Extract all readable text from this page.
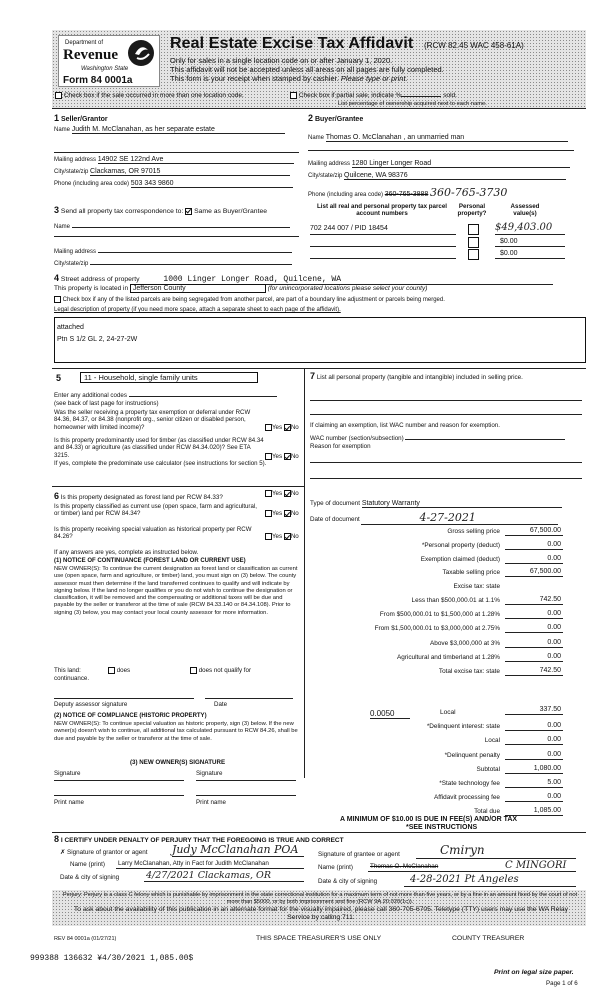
Department of
Revenue
Washington State
Form 84 0001a
Real Estate Excise Tax Affidavit (RCW 82.45 WAC 458-61A)
Only for sales in a single location code on or after January 1, 2020.
This affidavit will not be accepted unless all areas on all pages are fully completed.
This form is your receipt when stamped by cashier. Please type or print.
Check box if the sale occurred in more than one location code.	Check box if partial sale, indicate %	sold.
List percentage of ownership acquired next to each name.
1 Seller/Grantor
Name Judith M. McClanahan, as her separate estate
Mailing address 14902 SE 122nd Ave
City/state/zip Clackamas, OR 97015
Phone (including area code) 503 343 9860
2 Buyer/Grantee
Name Thomas O. McClanahan , an unmarried man
Mailing address 1280 Linger Longer Road
City/state/zip Quilcene, WA 98376
Phone (including area code) 360-765-3888 360-765-3730
3 Send all property tax correspondence to: Same as Buyer/Grantee
Name
Mailing address
City/state/zip
List all real and personal property tax parcel account numbers
Personal property?
Assessed value(s)
702 244 007 / PID 18454	$49,403.00
$0.00
$0.00
4 Street address of property	1000 Linger Longer Road, Quilcene, WA
This property is located in Jefferson County	(for unincorporated locations please select your county)
Check box if any of the listed parcels are being segregated from another parcel, are part of a boundary line adjustment or parcels being merged.
Legal description of property (if you need more space, attach a separate sheet to each page of the affidavit).
attached
Ptn S 1/2 GL 2, 24-27-2W
5	11 - Household, single family units
Enter any additional codes
(see back of last page for instructions)
Was the seller receiving a property tax exemption or deferral under RCW 84.36, 84.37, or 84.38 (nonprofit org., senior citizen or disabled person, homeowner with limited income)?	Yes No
Is this property predominantly used for timber (as classified under RCW 84.34 and 84.33) or agriculture (as classified under RCW 84.34.020)? See ETA 3215.	Yes No
If yes, complete the predominate use calculator (see instructions for section 5).
6 Is this property designated as forest land per RCW 84.33?
Yes No
Is this property classified as current use (open space, farm and agricultural, or timber) land per RCW 84.34?	Yes No
Is this property receiving special valuation as historical property per RCW 84.26?	Yes No
If any answers are yes, complete as instructed below.
(1) NOTICE OF CONTINUANCE (FOREST LAND OR CURRENT USE)
NEW OWNER(S): To continue the current designation as forest land or classification as current use (open space, farm and agriculture, or timber) land, you must sign on (3) below. The county assessor must then determine if the land transferred continues to qualify and will indicate by signing below. If the land no longer qualifies or you do not wish to continue the designation or classification, it will be removed and the compensating or additional taxes will be due and payable by the seller or transferor at the time of sale (RCW 84.33.140 or 84.34.108). Prior to signing (3) below, you may contact your local county assessor for more information.
This land:	does	does not qualify for
continuance.
Deputy assessor signature	Date
(2) NOTICE OF COMPLIANCE (HISTORIC PROPERTY)
NEW OWNER(S): To continue special valuation as historic property, sign (3) below. If the new owner(s) doesn't wish to continue, all additional tax calculated pursuant to RCW 84.26, shall be due and payable by the seller or transferor at the time of sale.
(3) NEW OWNER(S) SIGNATURE
Signature	Signature
Print name	Print name
7 List all personal property (tangible and intangible) included in selling price.
If claiming an exemption, list WAC number and reason for exemption.
WAC number (section/subsection)
Reason for exemption
Type of document Statutory Warranty
Date of document	4-27-2021
Gross selling price	67,500.00
*Personal property (deduct)	0.00
Exemption claimed (deduct)	0.00
Taxable selling price	67,500.00
Excise tax: state
Less than $500,000.01 at 1.1%	742.50
From $500,000.01 to $1,500,000 at 1.28%	0.00
From $1,500,000.01 to $3,000,000 at 2.75%	0.00
Above $3,000,000 at 3%	0.00
Agricultural and timberland at 1.28%	0.00
Total excise tax: state	742.50
*Delinquent interest: state	0.00
Local	0.00
*Delinquent penalty	0.00
Subtotal	1,080.00
*State technology fee	5.00
Affidavit processing fee	0.00
Total due	1,085.00
0.0050	Local	337.50
A MINIMUM OF $10.00 IS DUE IN FEE(S) AND/OR TAX
*SEE INSTRUCTIONS
8 I CERTIFY UNDER PENALTY OF PERJURY THAT THE FOREGOING IS TRUE AND CORRECT
✗ Signature of grantor or agent Judy McClanahan POA
Name (print) Larry McClanahan, Atty in Fact for Judith McClanahan
Date & city of signing	4/27/2021 Clackamas, OR
Signature of grantee or agent	Cmiryn
Name (print)	Thomas O. McClanahan	C MINGORI
Date & city of signing	4-28-2021 Pt Angeles
Perjury: Perjury is a class C felony which is punishable by imprisonment in the state correctional institution for a maximum term of not more than five years, or by a fine in an amount fixed by the court of not more than $5000, or by both imprisonment and fine (RCW 9A.20.020(1c)).
To ask about the availability of this publication in an alternate format for the visually impaired, please call 360-705-6705. Teletype (TTY) users may use the WA Relay Service by calling 711.
REV 84 0001a (01/27/21)	THIS SPACE TREASURER'S USE ONLY	COUNTY TREASURER
999388 136632 ¥4/30/2021 1,085.00$
Print on legal size paper.
Page 1 of 6
